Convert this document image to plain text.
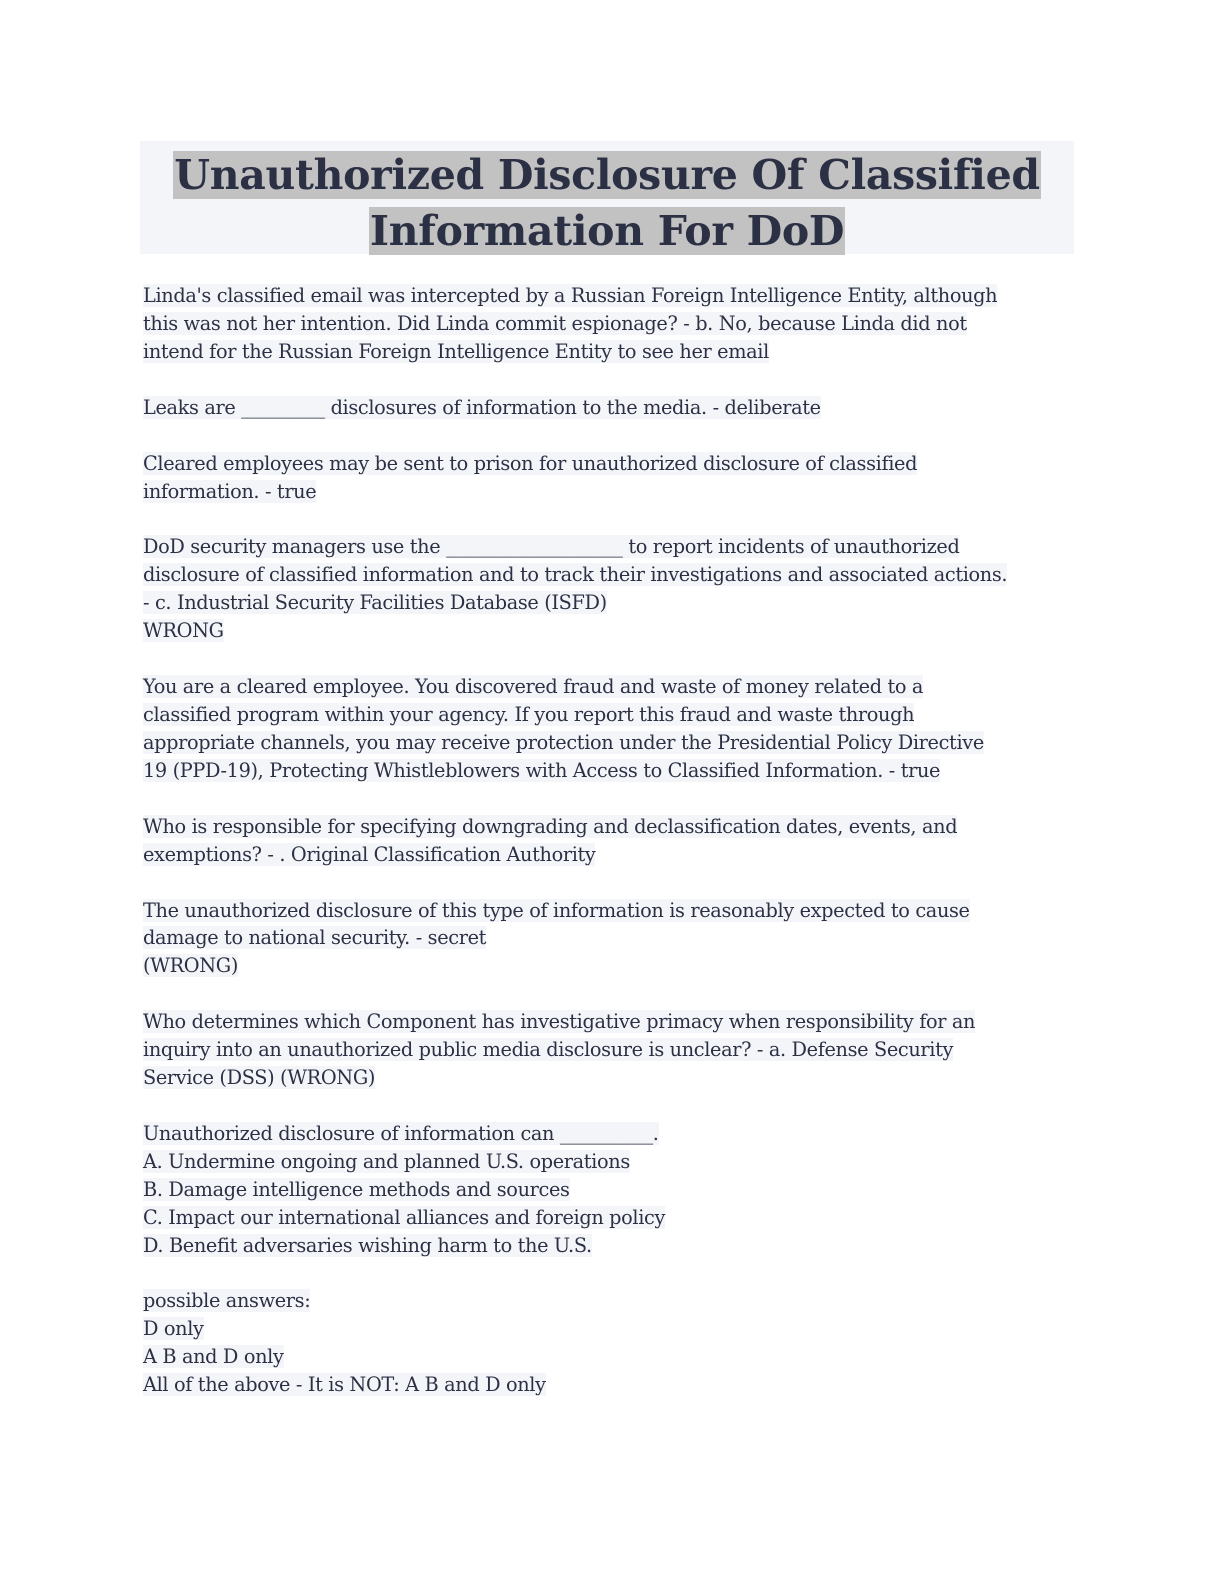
Unauthorized Disclosure Of Classified
Information For DoD
Linda's classified email was intercepted by a Russian Foreign Intelligence Entity, although
this was not her intention. Did Linda commit espionage? - b. No, because Linda did not
intend for the Russian Foreign Intelligence Entity to see her email
Leaks are _________ disclosures of information to the media. - deliberate
Cleared employees may be sent to prison for unauthorized disclosure of classified
information. - true
DoD security managers use the ___________________ to report incidents of unauthorized
disclosure of classified information and to track their investigations and associated actions.
- c. Industrial Security Facilities Database (ISFD)
WRONG
You are a cleared employee. You discovered fraud and waste of money related to a
classified program within your agency. If you report this fraud and waste through
appropriate channels, you may receive protection under the Presidential Policy Directive
19 (PPD-19), Protecting Whistleblowers with Access to Classified Information. - true
Who is responsible for specifying downgrading and declassification dates, events, and
exemptions? - . Original Classification Authority
The unauthorized disclosure of this type of information is reasonably expected to cause
damage to national security. - secret
(WRONG)
Who determines which Component has investigative primacy when responsibility for an
inquiry into an unauthorized public media disclosure is unclear? - a. Defense Security
Service (DSS) (WRONG)
Unauthorized disclosure of information can __________.
A. Undermine ongoing and planned U.S. operations
B. Damage intelligence methods and sources
C. Impact our international alliances and foreign policy
D. Benefit adversaries wishing harm to the U.S.
possible answers:
D only
A B and D only
All of the above - It is NOT: A B and D only
